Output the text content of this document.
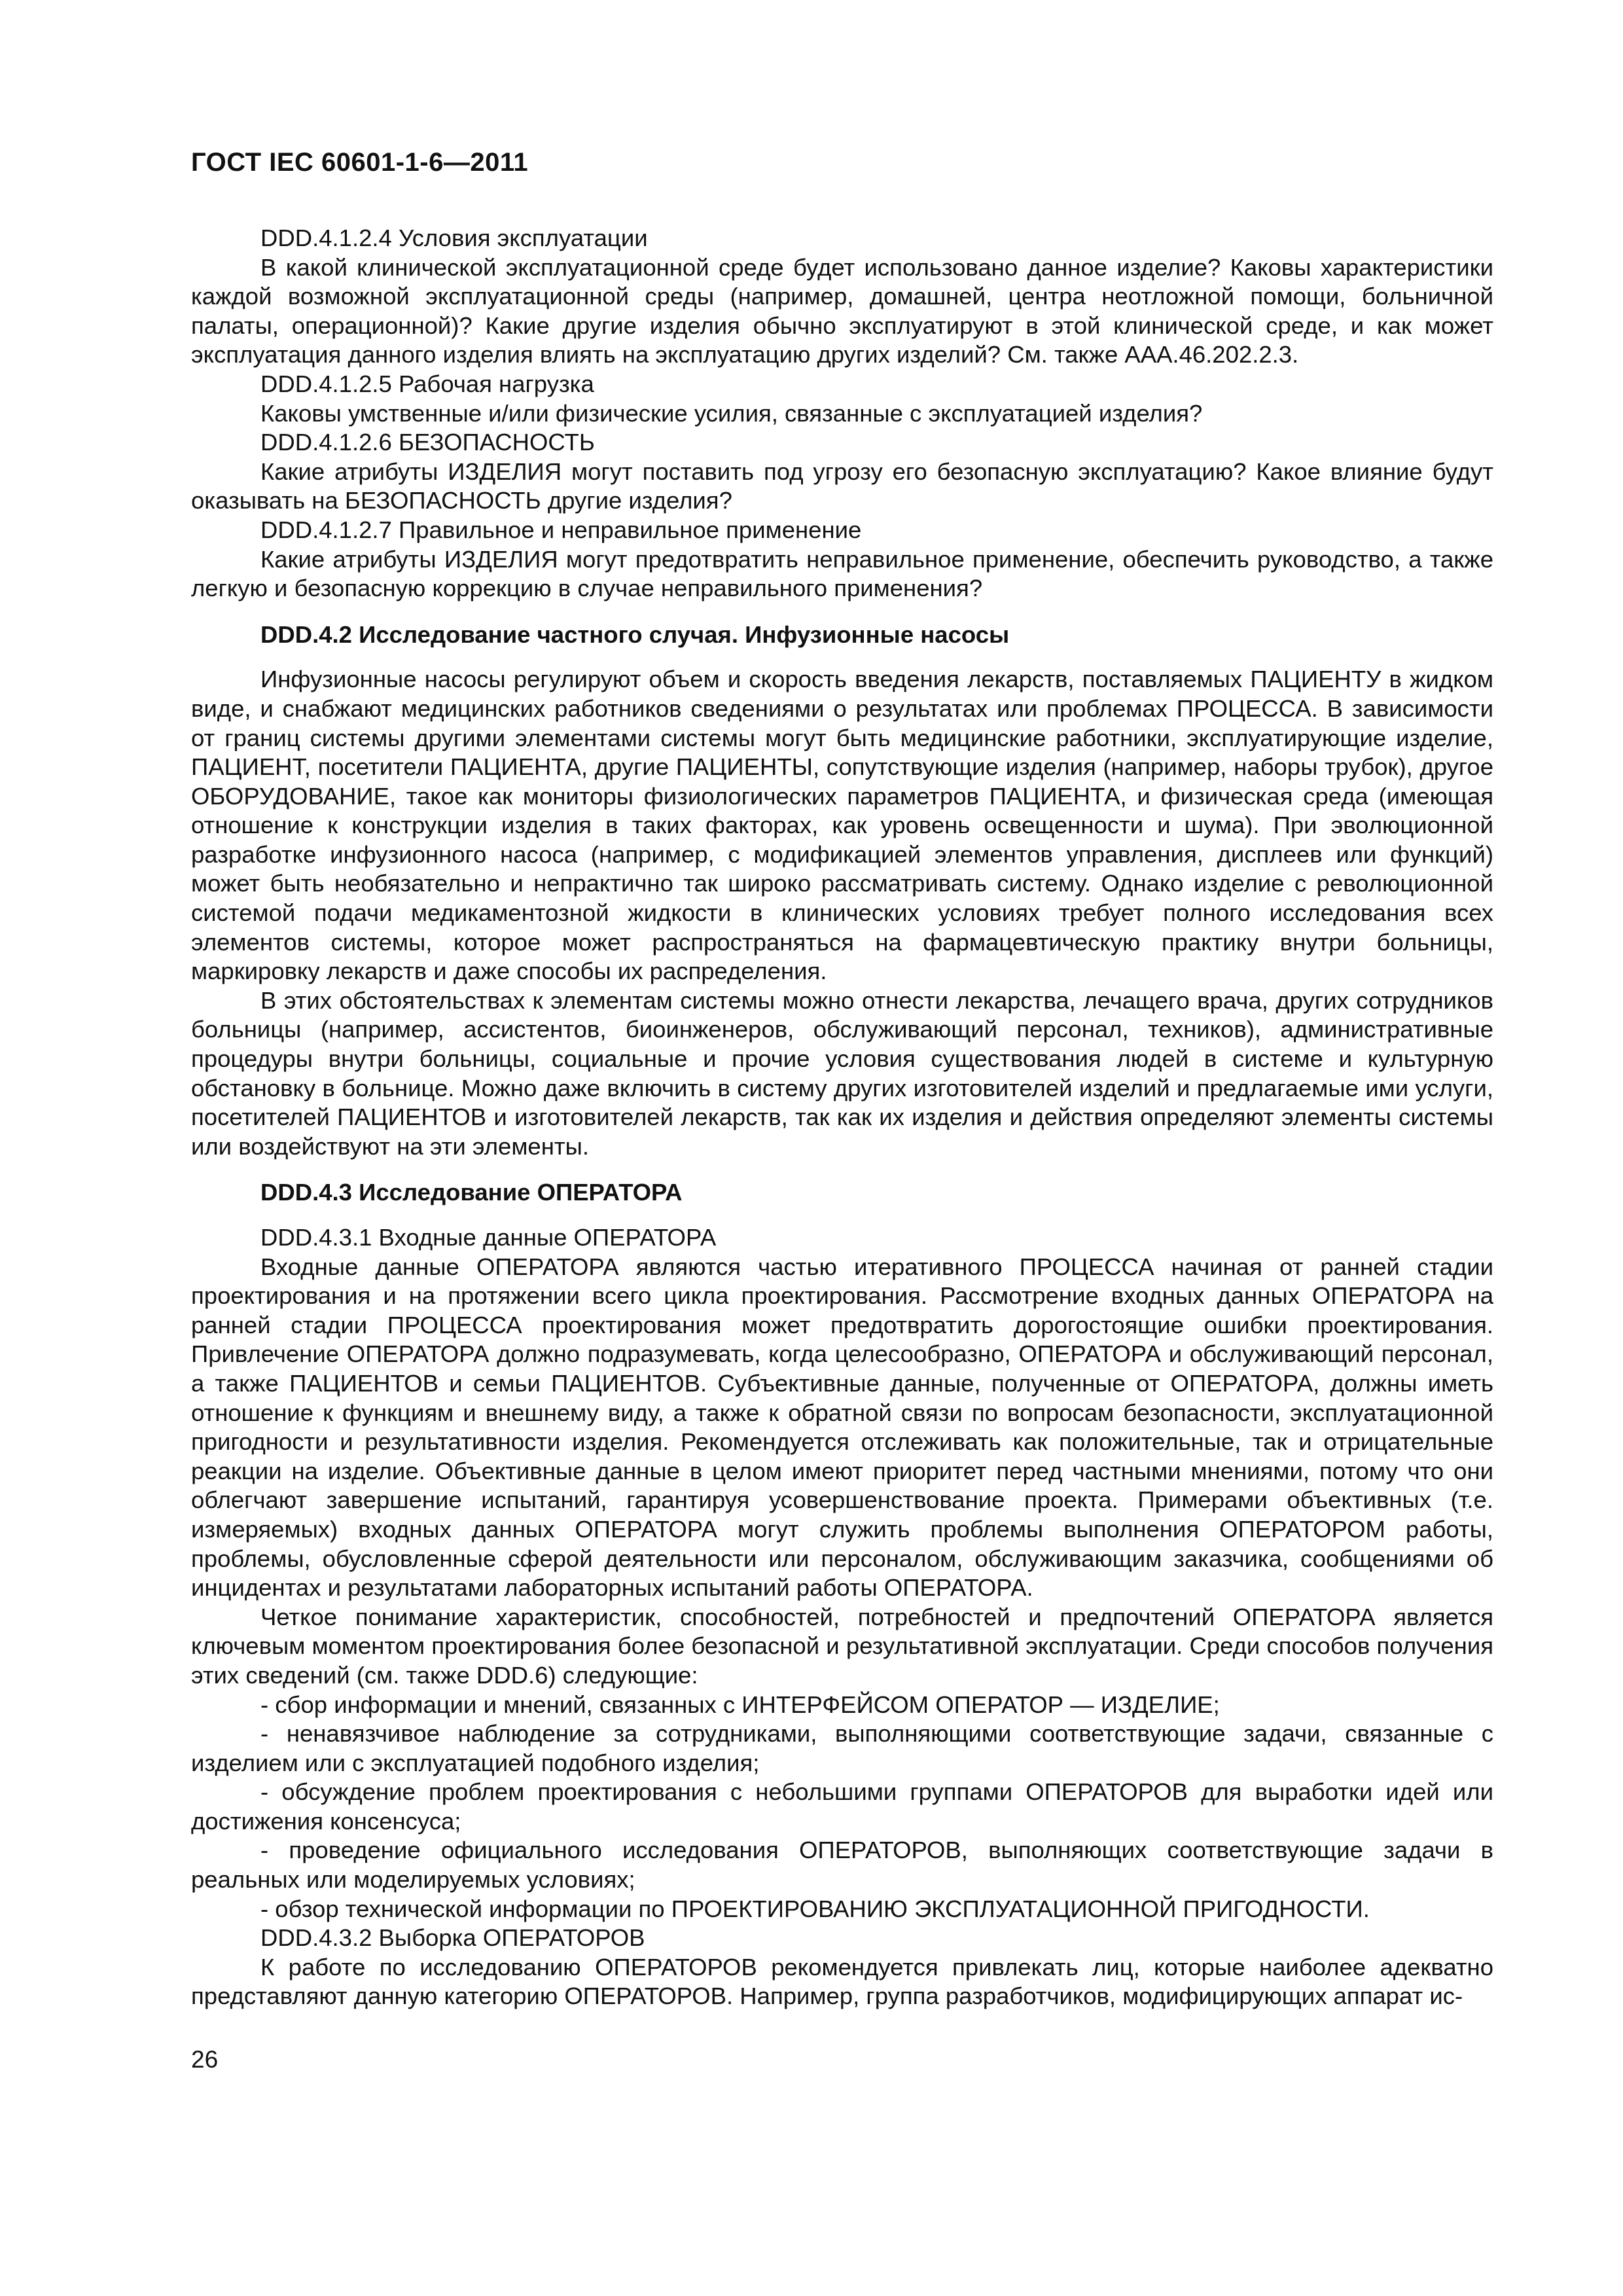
ГОСТ IEC 60601-1-6—2011

DDD.4.1.2.4 Условия эксплуатации

В какой клинической эксплуатационной среде будет использовано данное изделие? Каковы характеристики каждой возможной эксплуатационной среды (например, домашней, центра неотложной помощи, больничной палаты, операционной)? Какие другие изделия обычно эксплуатируют в этой клинической среде, и как может эксплуатация данного изделия влиять на эксплуатацию других изделий? См. также ААА.46.202.2.3.

DDD.4.1.2.5 Рабочая нагрузка

Каковы умственные и/или физические усилия, связанные с эксплуатацией изделия?

DDD.4.1.2.6 БЕЗОПАСНОСТЬ

Какие атрибуты ИЗДЕЛИЯ могут поставить под угрозу его безопасную эксплуатацию? Какое влияние будут оказывать на БЕЗОПАСНОСТЬ другие изделия?

DDD.4.1.2.7 Правильное и неправильное применение

Какие атрибуты ИЗДЕЛИЯ могут предотвратить неправильное применение, обеспечить руководство, а также легкую и безопасную коррекцию в случае неправильного применения?

DDD.4.2 Исследование частного случая. Инфузионные насосы

Инфузионные насосы регулируют объем и скорость введения лекарств, поставляемых ПАЦИЕНТУ в жидком виде, и снабжают медицинских работников сведениями о результатах или проблемах ПРОЦЕССА. В зависимости от границ системы другими элементами системы могут быть медицинские работники, эксплуатирующие изделие, ПАЦИЕНТ, посетители ПАЦИЕНТА, другие ПАЦИЕНТЫ, сопутствующие изделия (например, наборы трубок), другое ОБОРУДОВАНИЕ, такое как мониторы физиологических параметров ПАЦИЕНТА, и физическая среда (имеющая отношение к конструкции изделия в таких факторах, как уровень освещенности и шума). При эволюционной разработке инфузионного насоса (например, с модификацией элементов управления, дисплеев или функций) может быть необязательно и непрактично так широко рассматривать систему. Однако изделие с революционной системой подачи медикаментозной жидкости в клинических условиях требует полного исследования всех элементов системы, которое может распространяться на фармацевтическую практику внутри больницы, маркировку лекарств и даже способы их распределения.

В этих обстоятельствах к элементам системы можно отнести лекарства, лечащего врача, других сотрудников больницы (например, ассистентов, биоинженеров, обслуживающий персонал, техников), административные процедуры внутри больницы, социальные и прочие условия существования людей в системе и культурную обстановку в больнице. Можно даже включить в систему других изготовителей изделий и предлагаемые ими услуги, посетителей ПАЦИЕНТОВ и изготовителей лекарств, так как их изделия и действия определяют элементы системы или воздействуют на эти элементы.

DDD.4.3 Исследование ОПЕРАТОРА

DDD.4.3.1 Входные данные ОПЕРАТОРА

Входные данные ОПЕРАТОРА являются частью итеративного ПРОЦЕССА начиная от ранней стадии проектирования и на протяжении всего цикла проектирования. Рассмотрение входных данных ОПЕРАТОРА на ранней стадии ПРОЦЕССА проектирования может предотвратить дорогостоящие ошибки проектирования. Привлечение ОПЕРАТОРА должно подразумевать, когда целесообразно, ОПЕРАТОРА и обслуживающий персонал, а также ПАЦИЕНТОВ и семьи ПАЦИЕНТОВ. Субъективные данные, полученные от ОПЕРАТОРА, должны иметь отношение к функциям и внешнему виду, а также к обратной связи по вопросам безопасности, эксплуатационной пригодности и результативности изделия. Рекомендуется отслеживать как положительные, так и отрицательные реакции на изделие. Объективные данные в целом имеют приоритет перед частными мнениями, потому что они облегчают завершение испытаний, гарантируя усовершенствование проекта. Примерами объективных (т.е. измеряемых) входных данных ОПЕРАТОРА могут служить проблемы выполнения ОПЕРАТОРОМ работы, проблемы, обусловленные сферой деятельности или персоналом, обслуживающим заказчика, сообщениями об инцидентах и результатами лабораторных испытаний работы ОПЕРАТОРА.

Четкое понимание характеристик, способностей, потребностей и предпочтений ОПЕРАТОРА является ключевым моментом проектирования более безопасной и результативной эксплуатации. Среди способов получения этих сведений (см. также DDD.6) следующие:

- сбор информации и мнений, связанных с ИНТЕРФЕЙСОМ ОПЕРАТОР — ИЗДЕЛИЕ;

- ненавязчивое наблюдение за сотрудниками, выполняющими соответствующие задачи, связанные с изделием или с эксплуатацией подобного изделия;

- обсуждение проблем проектирования с небольшими группами ОПЕРАТОРОВ для выработки идей или достижения консенсуса;

- проведение официального исследования ОПЕРАТОРОВ, выполняющих соответствующие задачи в реальных или моделируемых условиях;

- обзор технической информации по ПРОЕКТИРОВАНИЮ ЭКСПЛУАТАЦИОННОЙ ПРИГОДНОСТИ.

DDD.4.3.2 Выборка ОПЕРАТОРОВ

К работе по исследованию ОПЕРАТОРОВ рекомендуется привлекать лиц, которые наиболее адекватно представляют данную категорию ОПЕРАТОРОВ. Например, группа разработчиков, модифицирующих аппарат ис-

26
